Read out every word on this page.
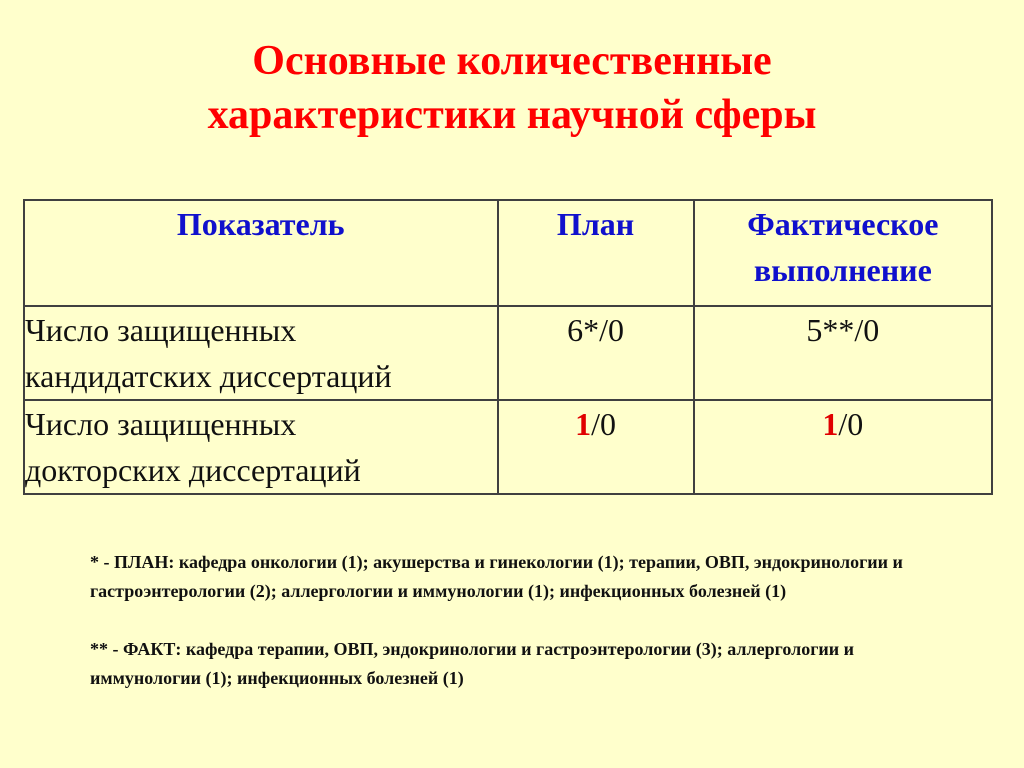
Основные количественные
характеристики научной сферы
Показатель	План	Фактическое
выполнение

Число защищенных
кандидатских диссертаций	6*/0	5**/0

Число защищенных
докторских диссертаций	1/0	1/0

* - ПЛАН: кафедра онкологии (1); акушерства и гинекологии (1); терапии, ОВП, эндокринологии и гастроэнтерологии (2); аллергологии и иммунологии (1); инфекционных болезней (1)

** - ФАКТ: кафедра терапии, ОВП, эндокринологии и гастроэнтерологии (3); аллергологии и иммунологии (1); инфекционных болезней (1)
